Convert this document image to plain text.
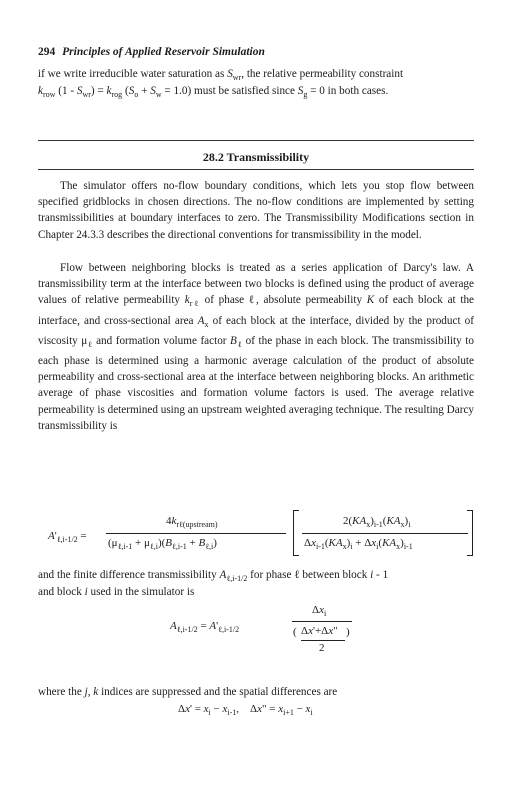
294 Principles of Applied Reservoir Simulation
if we write irreducible water saturation as $S_{wr}$, the relative permeability constraint
$k_{row}$ $(1 - S_{wr}) = k_{rog}$ $(S_o + S_w = 1.0)$ must be satisfied since $S_g = 0$ in both cases.
28.2 Transmissibility
The simulator offers no-flow boundary conditions, which lets you stop flow between specified gridblocks in chosen directions. The no-flow conditions are implemented by setting transmissibilities at boundary interfaces to zero. The Transmissibility Modifications section in Chapter 24.3.3 describes the directional conventions for transmissibility in the model.
Flow between neighboring blocks is treated as a series application of Darcy's law. A transmissibility term at the interface between two blocks is defined using the product of average values of relative permeability $k_{r\ell}$ of phase ℓ, absolute permeability K of each block at the interface, and cross-sectional area $A_x$ of each block at the interface, divided by the product of viscosity $\mu_\ell$ and formation volume factor $B_\ell$ of the phase in each block. The transmissibility to each phase is determined using a harmonic average calculation of the product of absolute permeability and cross-sectional area at the interface between neighboring blocks. An arithmetic average of phase viscosities and formation volume factors is used. The average relative permeability is determined using an upstream weighted averaging technique. The resulting Darcy transmissibility is
$A'_{\ell,i-1/2}$ =
$4k_{r\ell(upstream)}$
$(\mu_{\ell,i-1} + \mu_{\ell,i})(B_{\ell,i-1} + B_{\ell,i})$
$2(KA_x)_{i-1}(KA_x)_i$
$\Delta x_{i-1}(KA_x)_i + \Delta x_i(KA_x)_{i-1}$
and the finite difference transmissibility $A_{\ell,i-1/2}$ for phase ℓ between block i - 1
and block i used in the simulator is
$A_{\ell,i-1/2} = A'_{\ell,i-1/2}$
$\Delta x_i$
( Δx'+Δx"
2
)
where the j, k indices are suppressed and the spatial differences are
$\Delta x' = x_i - x_{i-1}$,    Δx" = $x_{i+1} - x_i$
